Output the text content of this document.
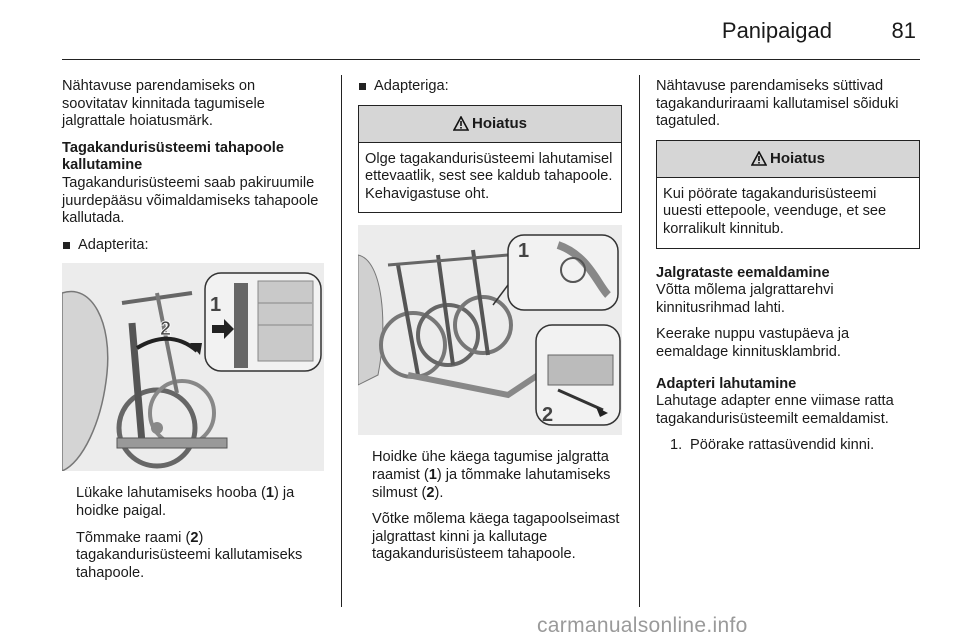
Panipaigad	81

Nähtavuse parendamiseks on soovitatav kinnitada tagumisele jalgrattale hoiatusmärk.

Tagakandurisüsteemi tahapoole kallutamine

Tagakandurisüsteemi saab pakiruumile juurdepääsu võimaldamiseks tahapoole kallutada.

Adapterita:

2
1

Lükake lahutamiseks hooba (1) ja hoidke paigal.

Tõmmake raami (2) tagakandurisüsteemi kallutamiseks tahapoole.

Adapteriga:

Hoiatus
Olge tagakandurisüsteemi lahutamisel ettevaatlik, sest see kaldub tahapoole. Kehavigastuse oht.
1
2

Hoidke ühe käega tagumise jalgratta raamist (1) ja tõmmake lahutamiseks silmust (2).

Võtke mõlema käega tagapoolseimast jalgrattast kinni ja kallutage tagakandurisüsteem tahapoole.

Nähtavuse parendamiseks süttivad tagakanduriraami kallutamisel sõiduki tagatuled.

Hoiatus
Kui pöörate tagakandurisüsteemi uuesti ettepoole, veenduge, et see korralikult kinnitub.

Jalgrataste eemaldamine

Võtta mõlema jalgrattarehvi kinnitusrihmad lahti.

Keerake nuppu vastupäeva ja eemaldage kinnitusklambrid.

Adapteri lahutamine

Lahutage adapter enne viimase ratta tagakandurisüsteemilt eemaldamist.

1. Pöörake rattasüvendid kinni.

carmanualsonline.info
